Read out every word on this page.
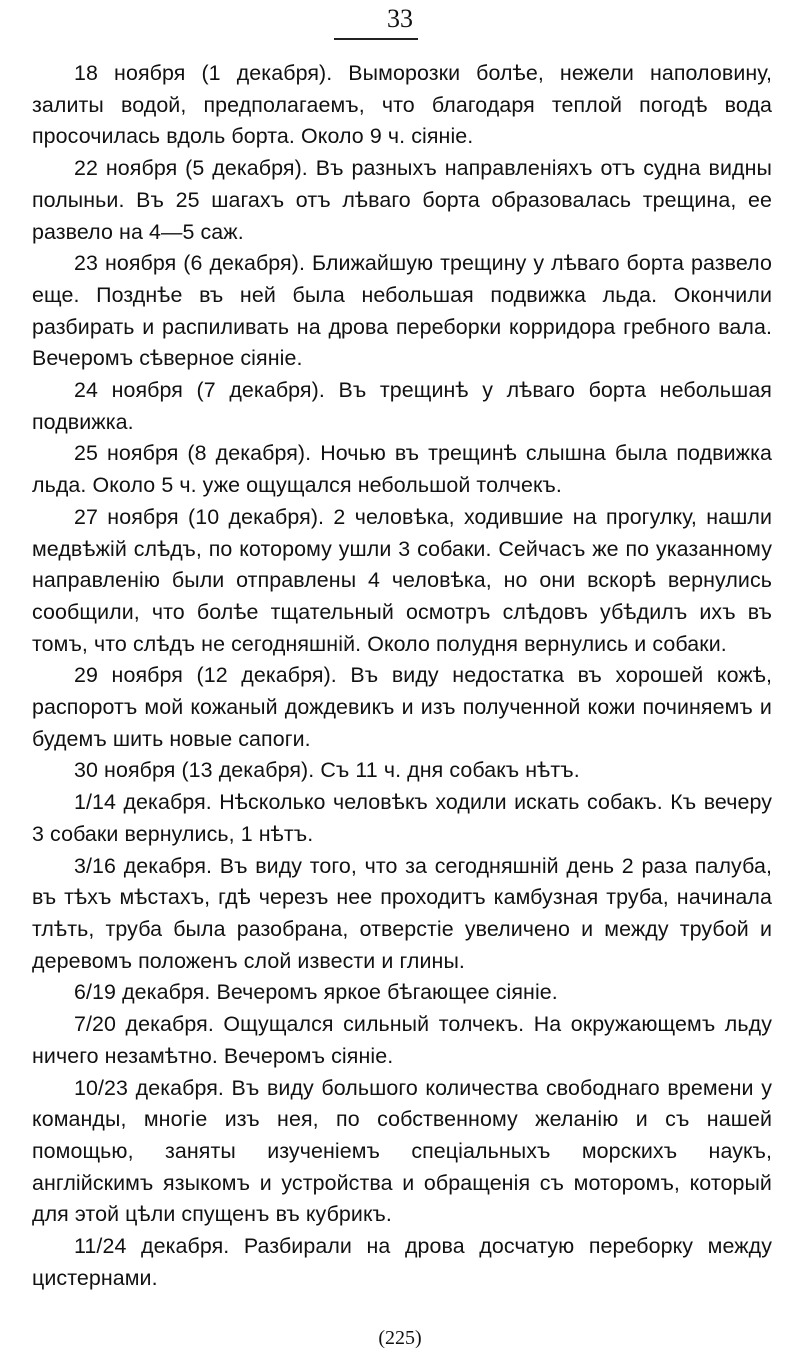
33

18 ноября (1 декабря). Выморозки болѣе, нежели наполовину, залиты водой, предполагаемъ, что благодаря теплой погодѣ вода просочилась вдоль борта. Около 9 ч. сіяніе.

22 ноября (5 декабря). Въ разныхъ направленіяхъ отъ судна видны полыньи. Въ 25 шагахъ отъ лѣваго борта образовалась трещина, ее развело на 4—5 саж.

23 ноября (6 декабря). Ближайшую трещину у лѣваго борта развело еще. Позднѣе въ ней была небольшая подвижка льда. Окончили разбирать и распиливать на дрова переборки корридора гребного вала. Вечеромъ сѣверное сіяніе.

24 ноября (7 декабря). Въ трещинѣ у лѣваго борта небольшая подвижка.

25 ноября (8 декабря). Ночью въ трещинѣ слышна была подвижка льда. Около 5 ч. уже ощущался небольшой толчекъ.

27 ноября (10 декабря). 2 человѣка, ходившие на прогулку, нашли медвѣжій слѣдъ, по которому ушли 3 собаки. Сейчасъ же по указанному направленію были отправлены 4 человѣка, но они вскорѣ вернулись сообщили, что болѣе тщательный осмотръ слѣдовъ убѣдилъ ихъ въ томъ, что слѣдъ не сегодняшній. Около полудня вернулись и собаки.

29 ноября (12 декабря). Въ виду недостатка въ хорошей кожѣ, распоротъ мой кожаный дождевикъ и изъ полученной кожи починяемъ и будемъ шить новые сапоги.

30 ноября (13 декабря). Съ 11 ч. дня собакъ нѣтъ.

1/14 декабря. Нѣсколько человѣкъ ходили искать собакъ. Къ вечеру 3 собаки вернулись, 1 нѣтъ.

3/16 декабря. Въ виду того, что за сегодняшній день 2 раза палуба, въ тѣхъ мѣстахъ, гдѣ черезъ нее проходитъ камбузная труба, начинала тлѣть, труба была разобрана, отверстіе увеличено и между трубой и деревомъ положенъ слой извести и глины.

6/19 декабря. Вечеромъ яркое бѣгающее сіяніе.

7/20 декабря. Ощущался сильный толчекъ. На окружающемъ льду ничего незамѣтно. Вечеромъ сіяніе.

10/23 декабря. Въ виду большого количества свободнаго времени у команды, многіе изъ нея, по собственному желанію и съ нашей помощью, заняты изученіемъ спеціальныхъ морскихъ наукъ, англійскимъ языкомъ и устройства и обращенія съ моторомъ, который для этой цѣли спущенъ въ кубрикъ.

11/24 декабря. Разбирали на дрова досчатую переборку между цистернами.

(225)
